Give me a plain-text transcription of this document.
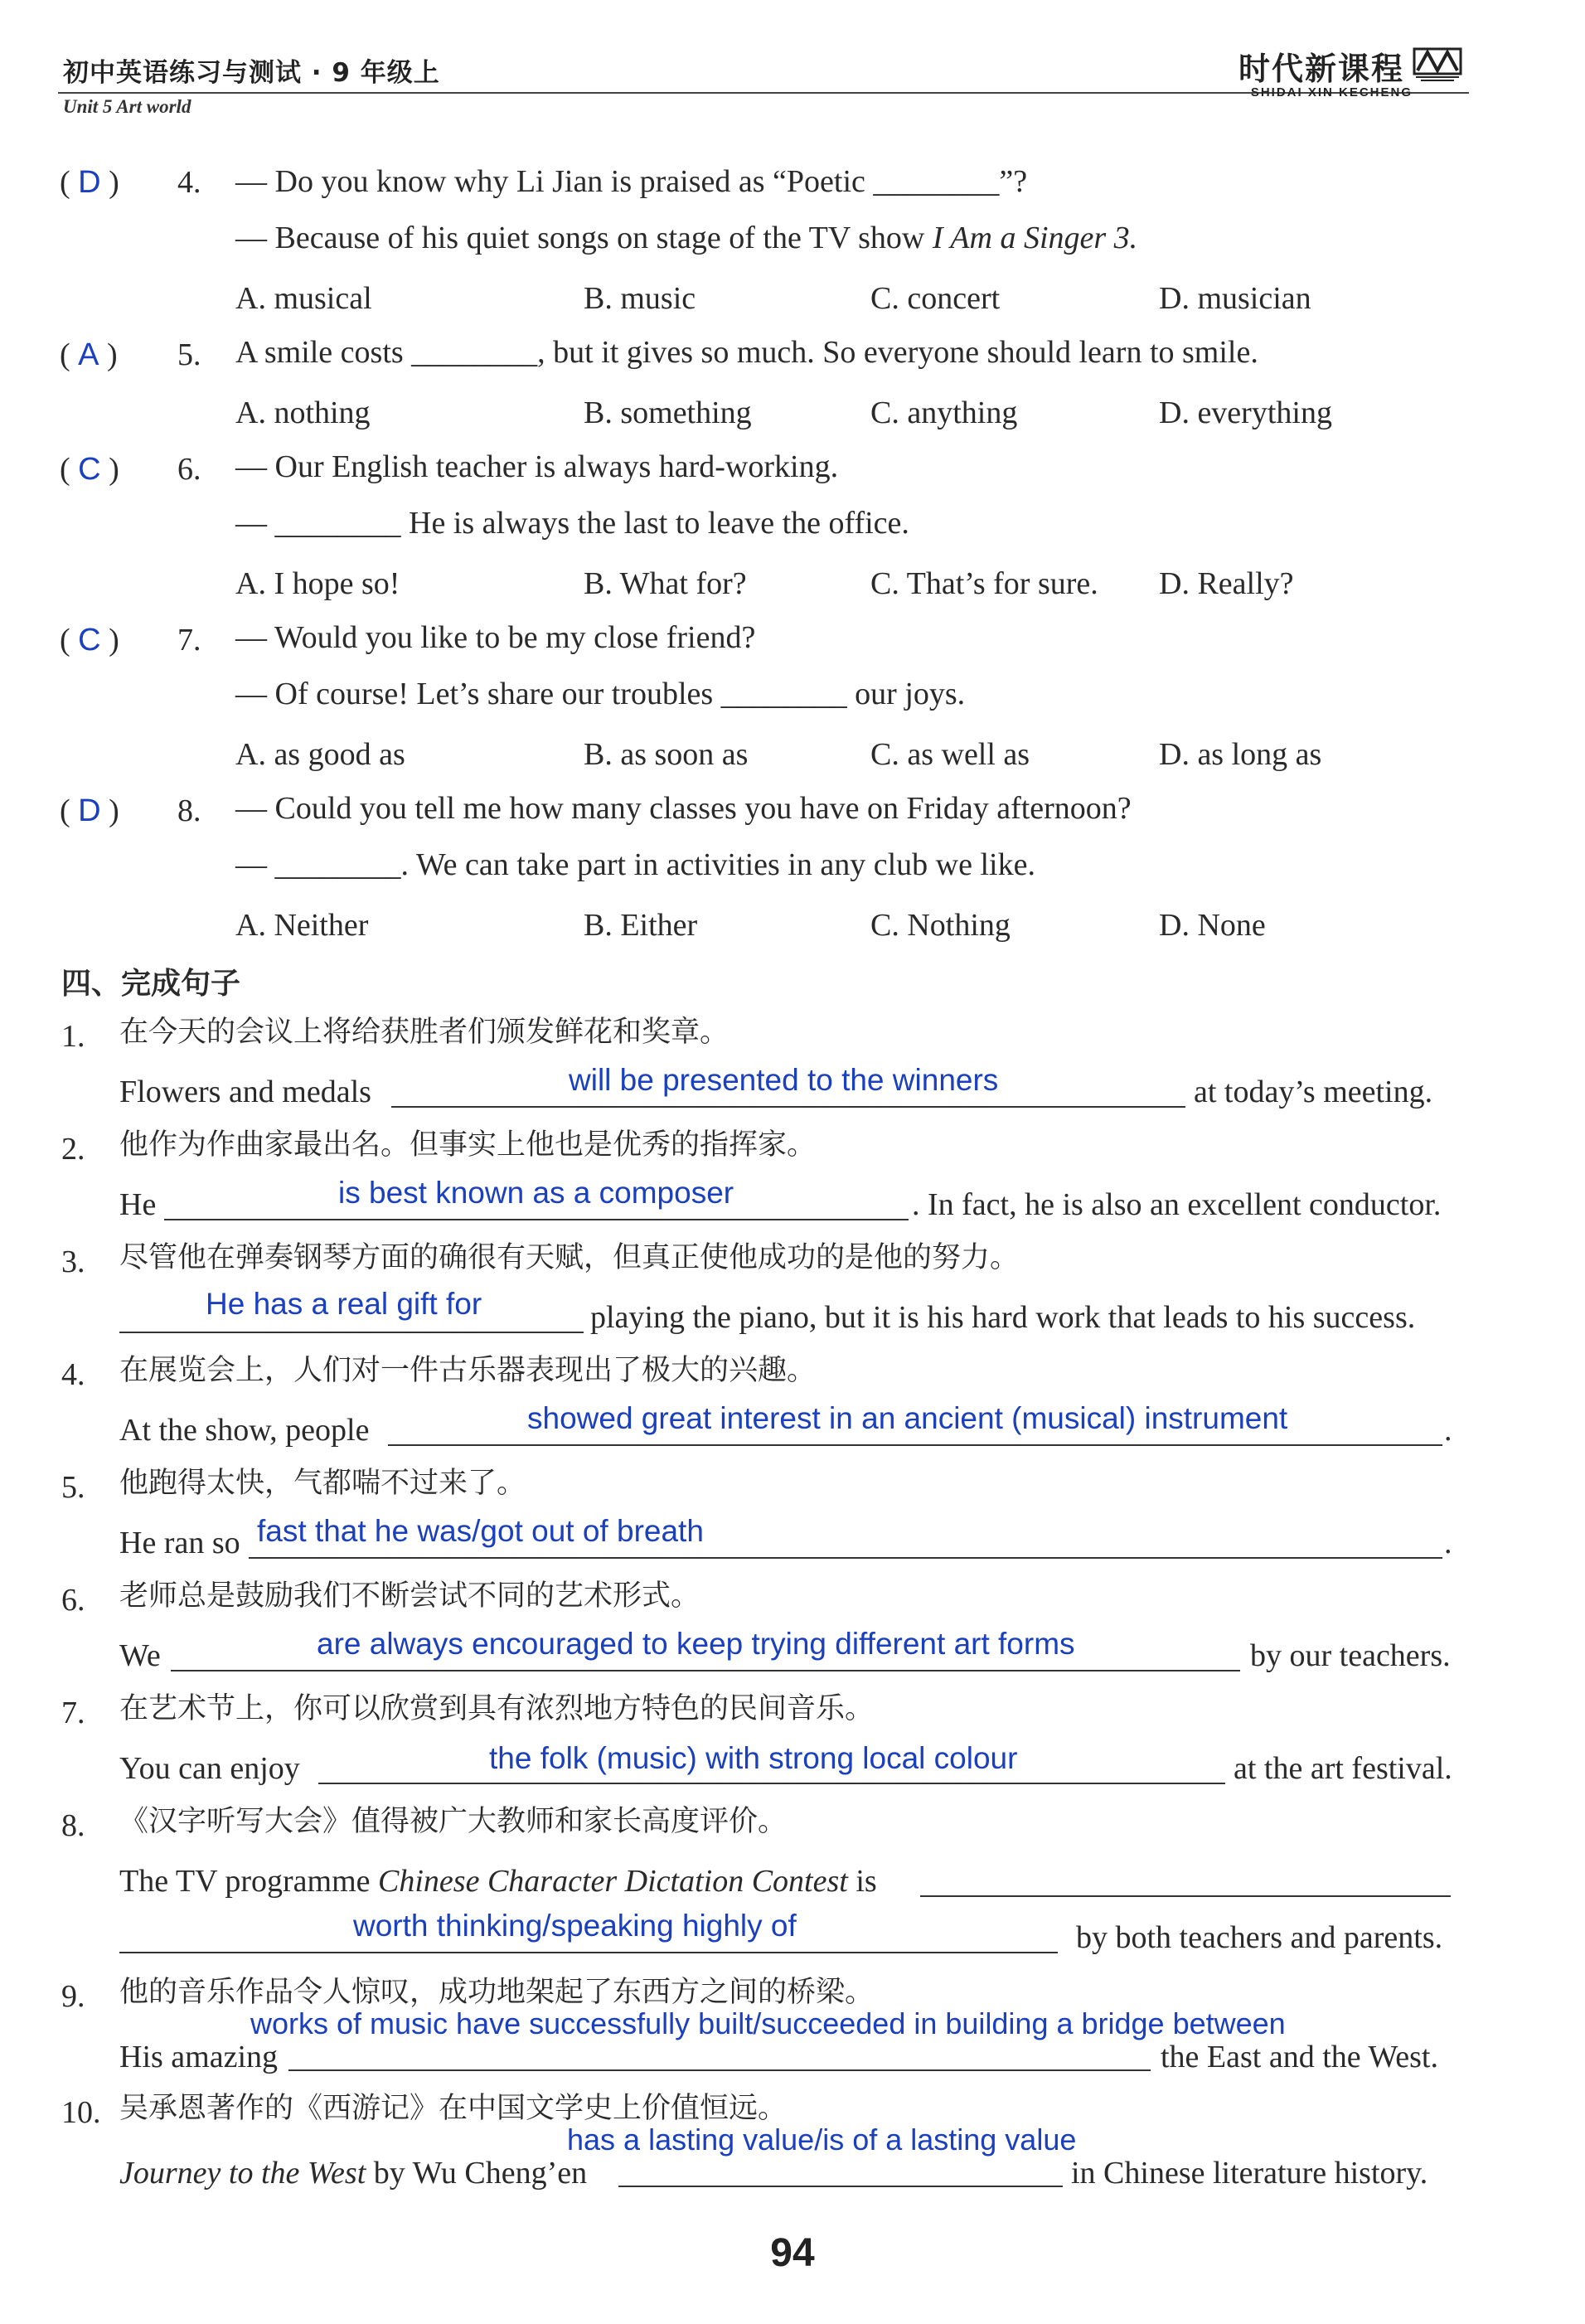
初中英语练习与测试 · 9 年级上
Unit 5 Art world
时代新课程
SHIDAI XIN KECHENG
( D ) 4. — Do you know why Li Jian is praised as “Poetic ________”?
— Because of his quiet songs on stage of the TV show I Am a Singer 3.
A. musical	B. music	C. concert	D. musician
( A ) 5. A smile costs ________, but it gives so much. So everyone should learn to smile.
A. nothing	B. something	C. anything	D. everything
( C ) 6. — Our English teacher is always hard-working.
— ________ He is always the last to leave the office.
A. I hope so!	B. What for?	C. That’s for sure. D. Really?
( C ) 7. — Would you like to be my close friend?
— Of course! Let’s share our troubles ________ our joys.
A. as good as	B. as soon as	C. as well as	D. as long as
( D ) 8. — Could you tell me how many classes you have on Friday afternoon?
— ________. We can take part in activities in any club we like.
A. Neither	B. Either	C. Nothing	D. None
四、完成句子
1. 在今天的会议上将给获胜者们颁发鲜花和奖章。
Flowers and medals	will be presented to the winners	at today’s meeting.
2. 他作为作曲家最出名。但事实上他也是优秀的指挥家。
He	is best known as a composer	. In fact, he is also an excellent conductor.
3. 尽管他在弹奏钢琴方面的确很有天赋，但真正使他成功的是他的努力。
He has a real gift for	playing the piano, but it is his hard work that leads to his success.
4. 在展览会上，人们对一件古乐器表现出了极大的兴趣。
At the show, people	showed great interest in an ancient (musical) instrument	.
5. 他跑得太快，气都喘不过来了。
He ran so fast that he was/got out of breath	.
6. 老师总是鼓励我们不断尝试不同的艺术形式。
We	are always encouraged to keep trying different art forms	by our teachers.
7. 在艺术节上，你可以欣赏到具有浓烈地方特色的民间音乐。
You can enjoy	the folk (music) with strong local colour	at the art festival.
8. 《汉字听写大会》值得被广大教师和家长高度评价。
The TV programme Chinese Character Dictation Contest is
worth thinking/speaking highly of	by both teachers and parents.
9. 他的音乐作品令人惊叹，成功地架起了东西方之间的桥梁。
works of music have successfully built/succeeded in building a bridge between
His amazing	the East and the West.
10. 吴承恩著作的《西游记》在中国文学史上价值恒远。
has a lasting value/is of a lasting value
Journey to the West by Wu Cheng’en	in Chinese literature history.
94
